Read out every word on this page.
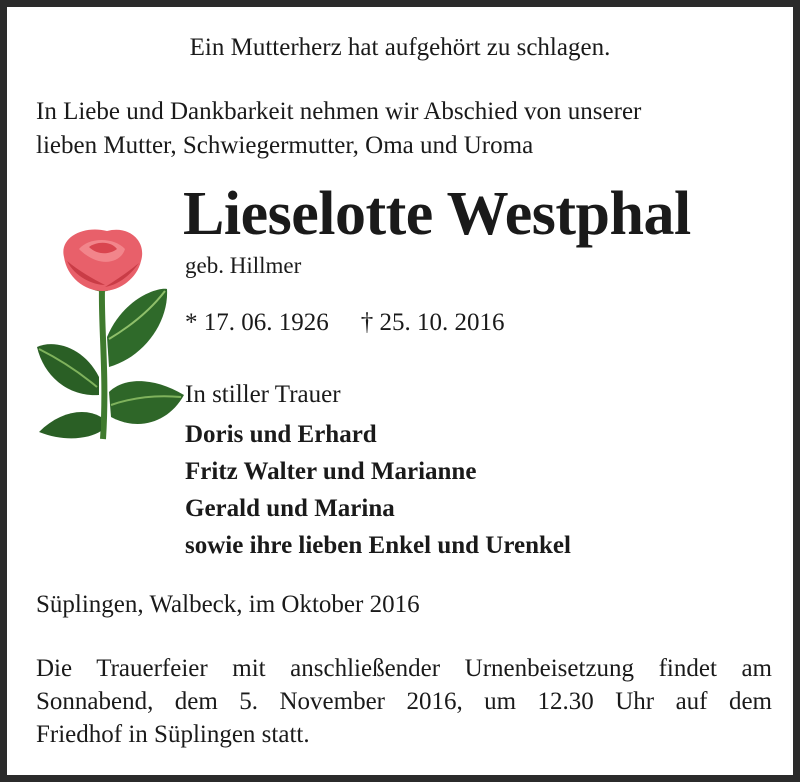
Ein Mutterherz hat aufgehört zu schlagen.
In Liebe und Dankbarkeit nehmen wir Abschied von unserer
lieben Mutter, Schwiegermutter, Oma und Uroma
Lieselotte Westphal
geb. Hillmer
* 17. 06. 1926 † 25. 10. 2016
In stiller Trauer
Doris und Erhard
Fritz Walter und Marianne
Gerald und Marina
sowie ihre lieben Enkel und Urenkel
Süplingen, Walbeck, im Oktober 2016
Die Trauerfeier mit anschließender Urnenbeisetzung findet am
Sonnabend, dem 5. November 2016, um 12.30 Uhr auf dem
Friedhof in Süplingen statt.
